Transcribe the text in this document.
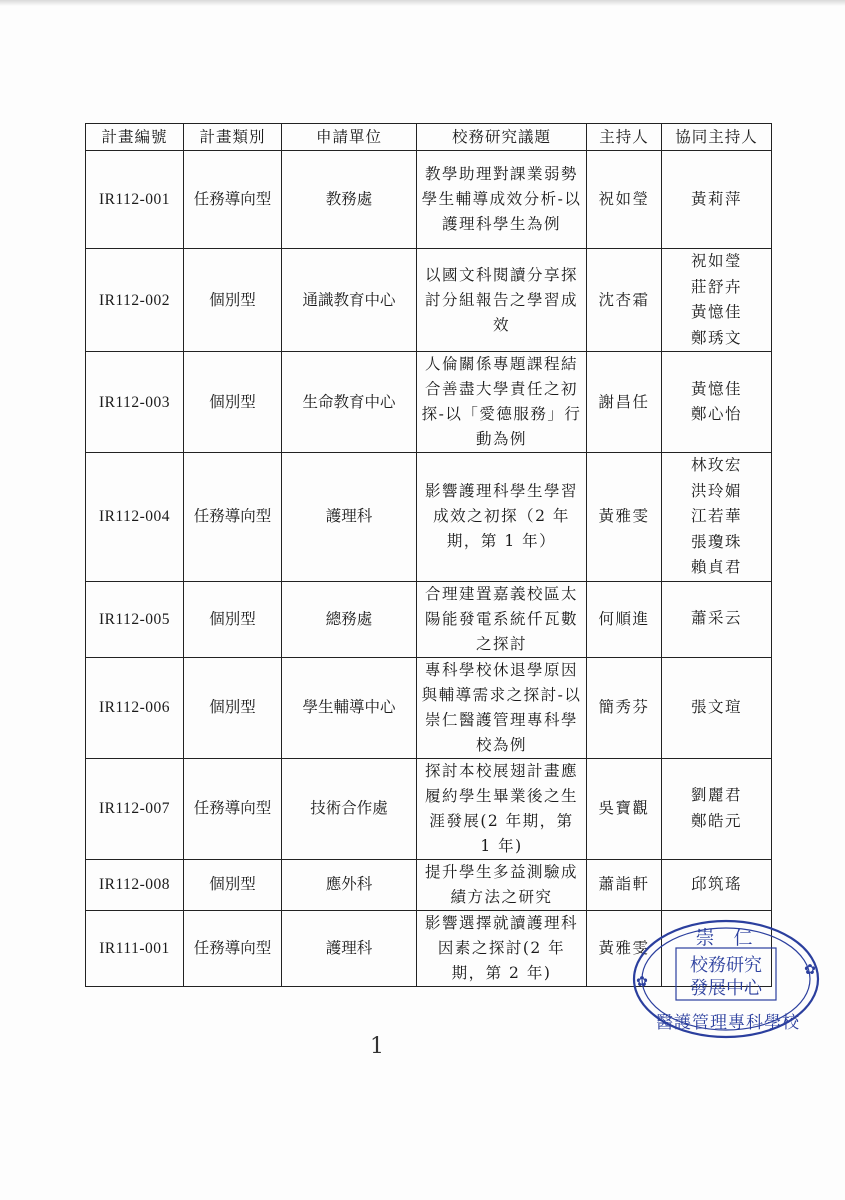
計畫編號	計畫類別	申請單位	校務研究議題	主持人	協同主持人
IR112-001	任務導向型	教務處	教學助理對課業弱勢學生輔導成效分析-以護理科學生為例	祝如瑩	黃莉萍

IR112-002	個別型	通識教育中心	以國文科閱讀分享探討分組報告之學習成效	沈杏霜	祝如瑩
莊舒卉
黃憶佳
鄭琇文

IR112-003	個別型	生命教育中心	人倫關係專題課程結合善盡大學責任之初探-以「愛德服務」行動為例	謝昌任	黃憶佳
鄭心怡

IR112-004	任務導向型	護理科	影響護理科學生學習成效之初探（2 年期，第 1 年）	黃雅雯	林玫宏
洪玲媚
江若華
張瓊珠
賴貞君

IR112-005	個別型	總務處	合理建置嘉義校區太陽能發電系統仟瓦數之探討	何順進	蕭采云

IR112-006	個別型	學生輔導中心	專科學校休退學原因與輔導需求之探討-以崇仁醫護管理專科學校為例	簡秀芬	張文瑄

IR112-007	任務導向型	技術合作處	探討本校展翅計畫應履約學生畢業後之生涯發展(2 年期，第 1 年)	吳寶觀	劉麗君
鄭皓元

IR112-008	個別型	應外科	提升學生多益測驗成績方法之研究	蕭詣軒	邱筑瑤

IR111-001	任務導向型	護理科	影響選擇就讀護理科因素之探討(2 年期，第 2 年)	黃雅雯	崇　仁
校務研究
發展中心
醫護管理專科學校
✿
✿
1
